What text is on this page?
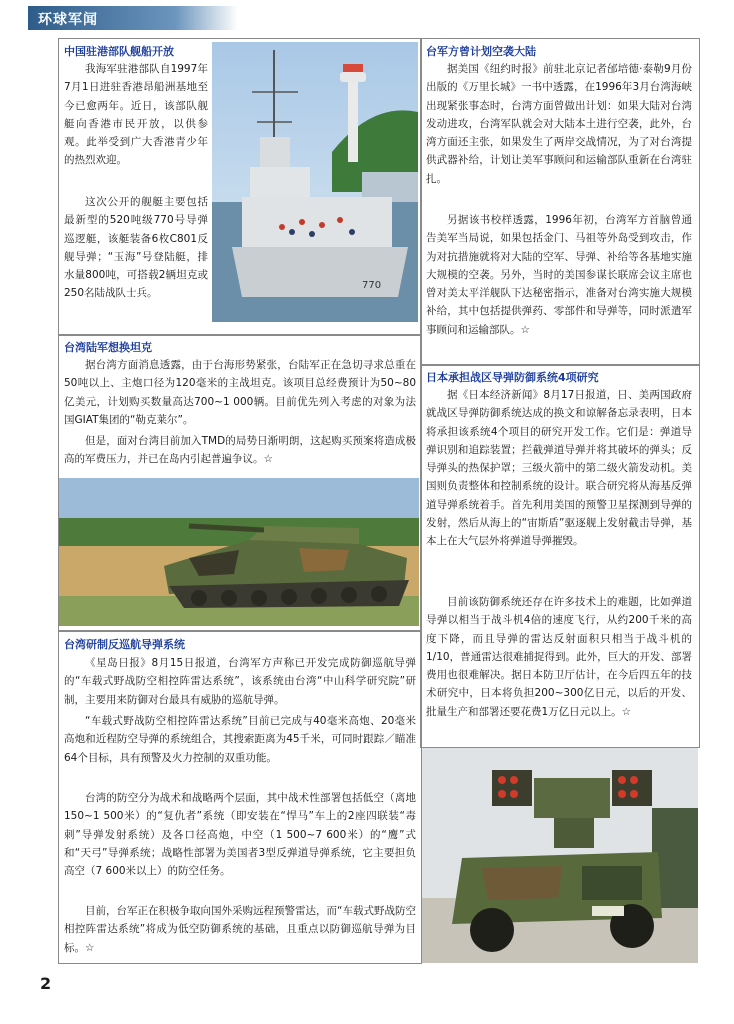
环球军闻
中国驻港部队舰船开放

我海军驻港部队自1997年7月1日进驻香港昂船洲基地至今已愈两年。近日，该部队舰艇向香港市民开放，以供参观。此举受到广大香港青少年的热烈欢迎。

这次公开的舰艇主要包括最新型的520吨级770号导弹巡逻艇，该艇装备6枚C801反舰导弹；“玉海”号登陆艇，排水量800吨，可搭载2辆坦克或250名陆战队士兵。

770
台湾陆军想换坦克

据台湾方面消息透露，由于台海形势紧张，台陆军正在急切寻求总重在50吨以上、主炮口径为120毫米的主战坦克。该项目总经费预计为50~80亿美元，计划购买数量高达700~1 000辆。目前优先列入考虑的对象为法国GIAT集团的“勒克莱尔”。

但是，面对台湾目前加入TMD的局势日渐明朗，这起购买预案将造成极高的军费压力，并已在岛内引起普遍争议。☆

台湾研制反巡航导弹系统

《星岛日报》8月15日报道，台湾军方声称已开发完成防御巡航导弹的“车载式野战防空相控阵雷达系统”，该系统由台湾“中山科学研究院”研制，主要用来防御对台最具有威胁的巡航导弹。

“车载式野战防空相控阵雷达系统”目前已完成与40毫米高炮、20毫米高炮和近程防空导弹的系统组合，其搜索距离为45千米，可同时跟踪／瞄准64个目标，具有预警及火力控制的双重功能。

台湾的防空分为战术和战略两个层面，其中战术性部署包括低空（离地150~1 500米）的“复仇者”系统（即安装在“悍马”车上的2座四联装“毒刺”导弹发射系统）及各口径高炮，中空（1 500~7 600米）的“鹰”式和“天弓”导弹系统；战略性部署为美国者3型反弹道导弹系统，它主要担负高空（7 600米以上）的防空任务。

目前，台军正在积极争取向国外采购远程预警雷达，而“车载式野战防空相控阵雷达系统”将成为低空防御系统的基础，且重点以防御巡航导弹为目标。☆

台军方曾计划空袭大陆

据美国《纽约时报》前驻北京记者邰培德·泰勒9月份出版的《万里长城》一书中透露，在1996年3月台湾海峡出现紧张事态时，台湾方面曾做出计划：如果大陆对台湾发动进攻，台湾军队就会对大陆本土进行空袭，此外，台湾方面还主张，如果发生了两岸交战情况，为了对台湾提供武器补给，计划让美军事顾问和运输部队重新在台湾驻扎。

另据该书校样透露，1996年初，台湾军方首脑曾通告美军当局说，如果包括金门、马祖等外岛受到攻击，作为对抗措施就将对大陆的空军、导弹、补给等各基地实施大规模的空袭。另外，当时的美国参谋长联席会议主席也曾对美太平洋舰队下达秘密指示，准备对台湾实施大规模补给，其中包括提供弹药、零部件和导弹等，同时派遣军事顾问和运输部队。☆

日本承担战区导弹防御系统4项研究

据《日本经济新闻》8月17日报道，日、美两国政府就战区导弹防御系统达成的换文和谅解备忘录表明，日本将承担该系统4个项目的研究开发工作。它们是：弹道导弹识别和追踪装置；拦截弹道导弹并将其破坏的弹头；反导弹头的热保护罩；三级火箭中的第二级火箭发动机。美国则负责整体和控制系统的设计。联合研究将从海基反弹道导弹系统着手。首先利用美国的预警卫星探测到导弹的发射，然后从海上的“宙斯盾”驱逐舰上发射截击导弹，基本上在大气层外将弹道导弹摧毁。

目前该防御系统还存在许多技术上的难题，比如弹道导弹以相当于战斗机4倍的速度飞行，从约200千米的高度下降，而且导弹的雷达反射面积只相当于战斗机的1/10，普通雷达很难捕捉得到。此外，巨大的开发、部署费用也很难解决。据日本防卫厅估计，在今后四五年的技术研究中，日本将负担200~300亿日元，以后的开发、批量生产和部署还要花费1万亿日元以上。☆

2
